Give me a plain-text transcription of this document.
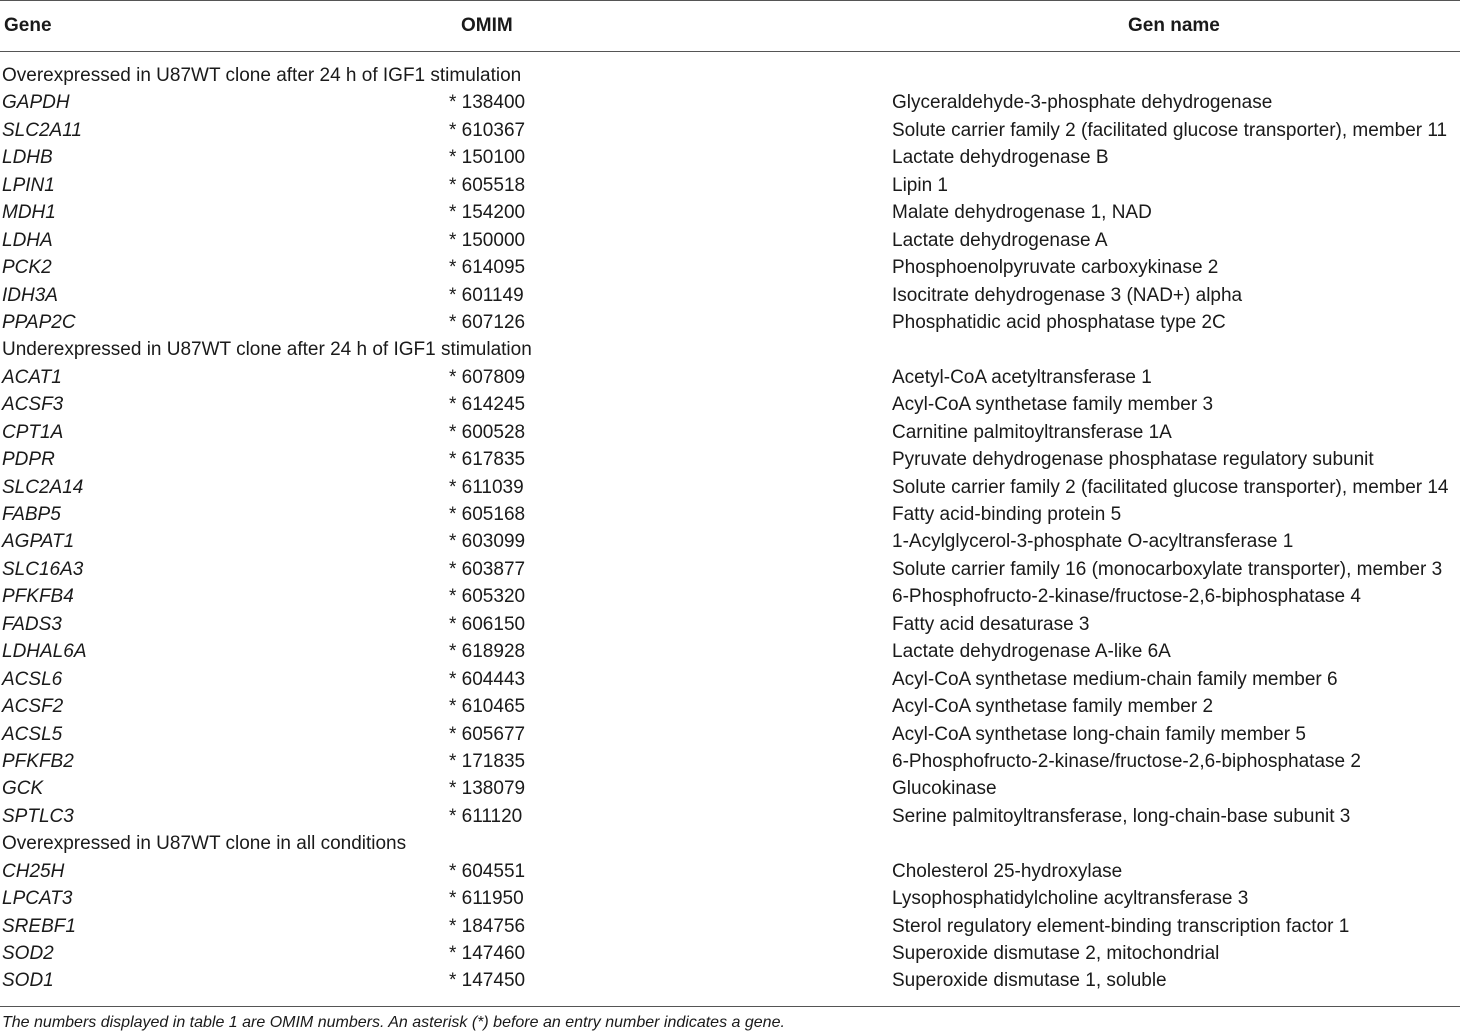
Gene	OMIM	Gen name
Overexpressed in U87WT clone after 24 h of IGF1 stimulation
GAPDH	* 138400	Glyceraldehyde-3-phosphate dehydrogenase
SLC2A11	* 610367	Solute carrier family 2 (facilitated glucose transporter), member 11
LDHB	* 150100	Lactate dehydrogenase B
LPIN1	* 605518	Lipin 1
MDH1	* 154200	Malate dehydrogenase 1, NAD
LDHA	* 150000	Lactate dehydrogenase A
PCK2	* 614095	Phosphoenolpyruvate carboxykinase 2
IDH3A	* 601149	Isocitrate dehydrogenase 3 (NAD+) alpha
PPAP2C	* 607126	Phosphatidic acid phosphatase type 2C
Underexpressed in U87WT clone after 24 h of IGF1 stimulation
ACAT1	* 607809	Acetyl-CoA acetyltransferase 1
ACSF3	* 614245	Acyl-CoA synthetase family member 3
CPT1A	* 600528	Carnitine palmitoyltransferase 1A
PDPR	* 617835	Pyruvate dehydrogenase phosphatase regulatory subunit
SLC2A14	* 611039	Solute carrier family 2 (facilitated glucose transporter), member 14
FABP5	* 605168	Fatty acid-binding protein 5
AGPAT1	* 603099	1-Acylglycerol-3-phosphate O-acyltransferase 1
SLC16A3	* 603877	Solute carrier family 16 (monocarboxylate transporter), member 3
PFKFB4	* 605320	6-Phosphofructo-2-kinase/fructose-2,6-biphosphatase 4
FADS3	* 606150	Fatty acid desaturase 3
LDHAL6A	* 618928	Lactate dehydrogenase A-like 6A
ACSL6	* 604443	Acyl-CoA synthetase medium-chain family member 6
ACSF2	* 610465	Acyl-CoA synthetase family member 2
ACSL5	* 605677	Acyl-CoA synthetase long-chain family member 5
PFKFB2	* 171835	6-Phosphofructo-2-kinase/fructose-2,6-biphosphatase 2
GCK	* 138079	Glucokinase
SPTLC3	* 611120	Serine palmitoyltransferase, long-chain-base subunit 3
Overexpressed in U87WT clone in all conditions
CH25H	* 604551	Cholesterol 25-hydroxylase
LPCAT3	* 611950	Lysophosphatidylcholine acyltransferase 3
SREBF1	* 184756	Sterol regulatory element-binding transcription factor 1
SOD2	* 147460	Superoxide dismutase 2, mitochondrial
SOD1	* 147450	Superoxide dismutase 1, soluble
The numbers displayed in table 1 are OMIM numbers. An asterisk (*) before an entry number indicates a gene.
